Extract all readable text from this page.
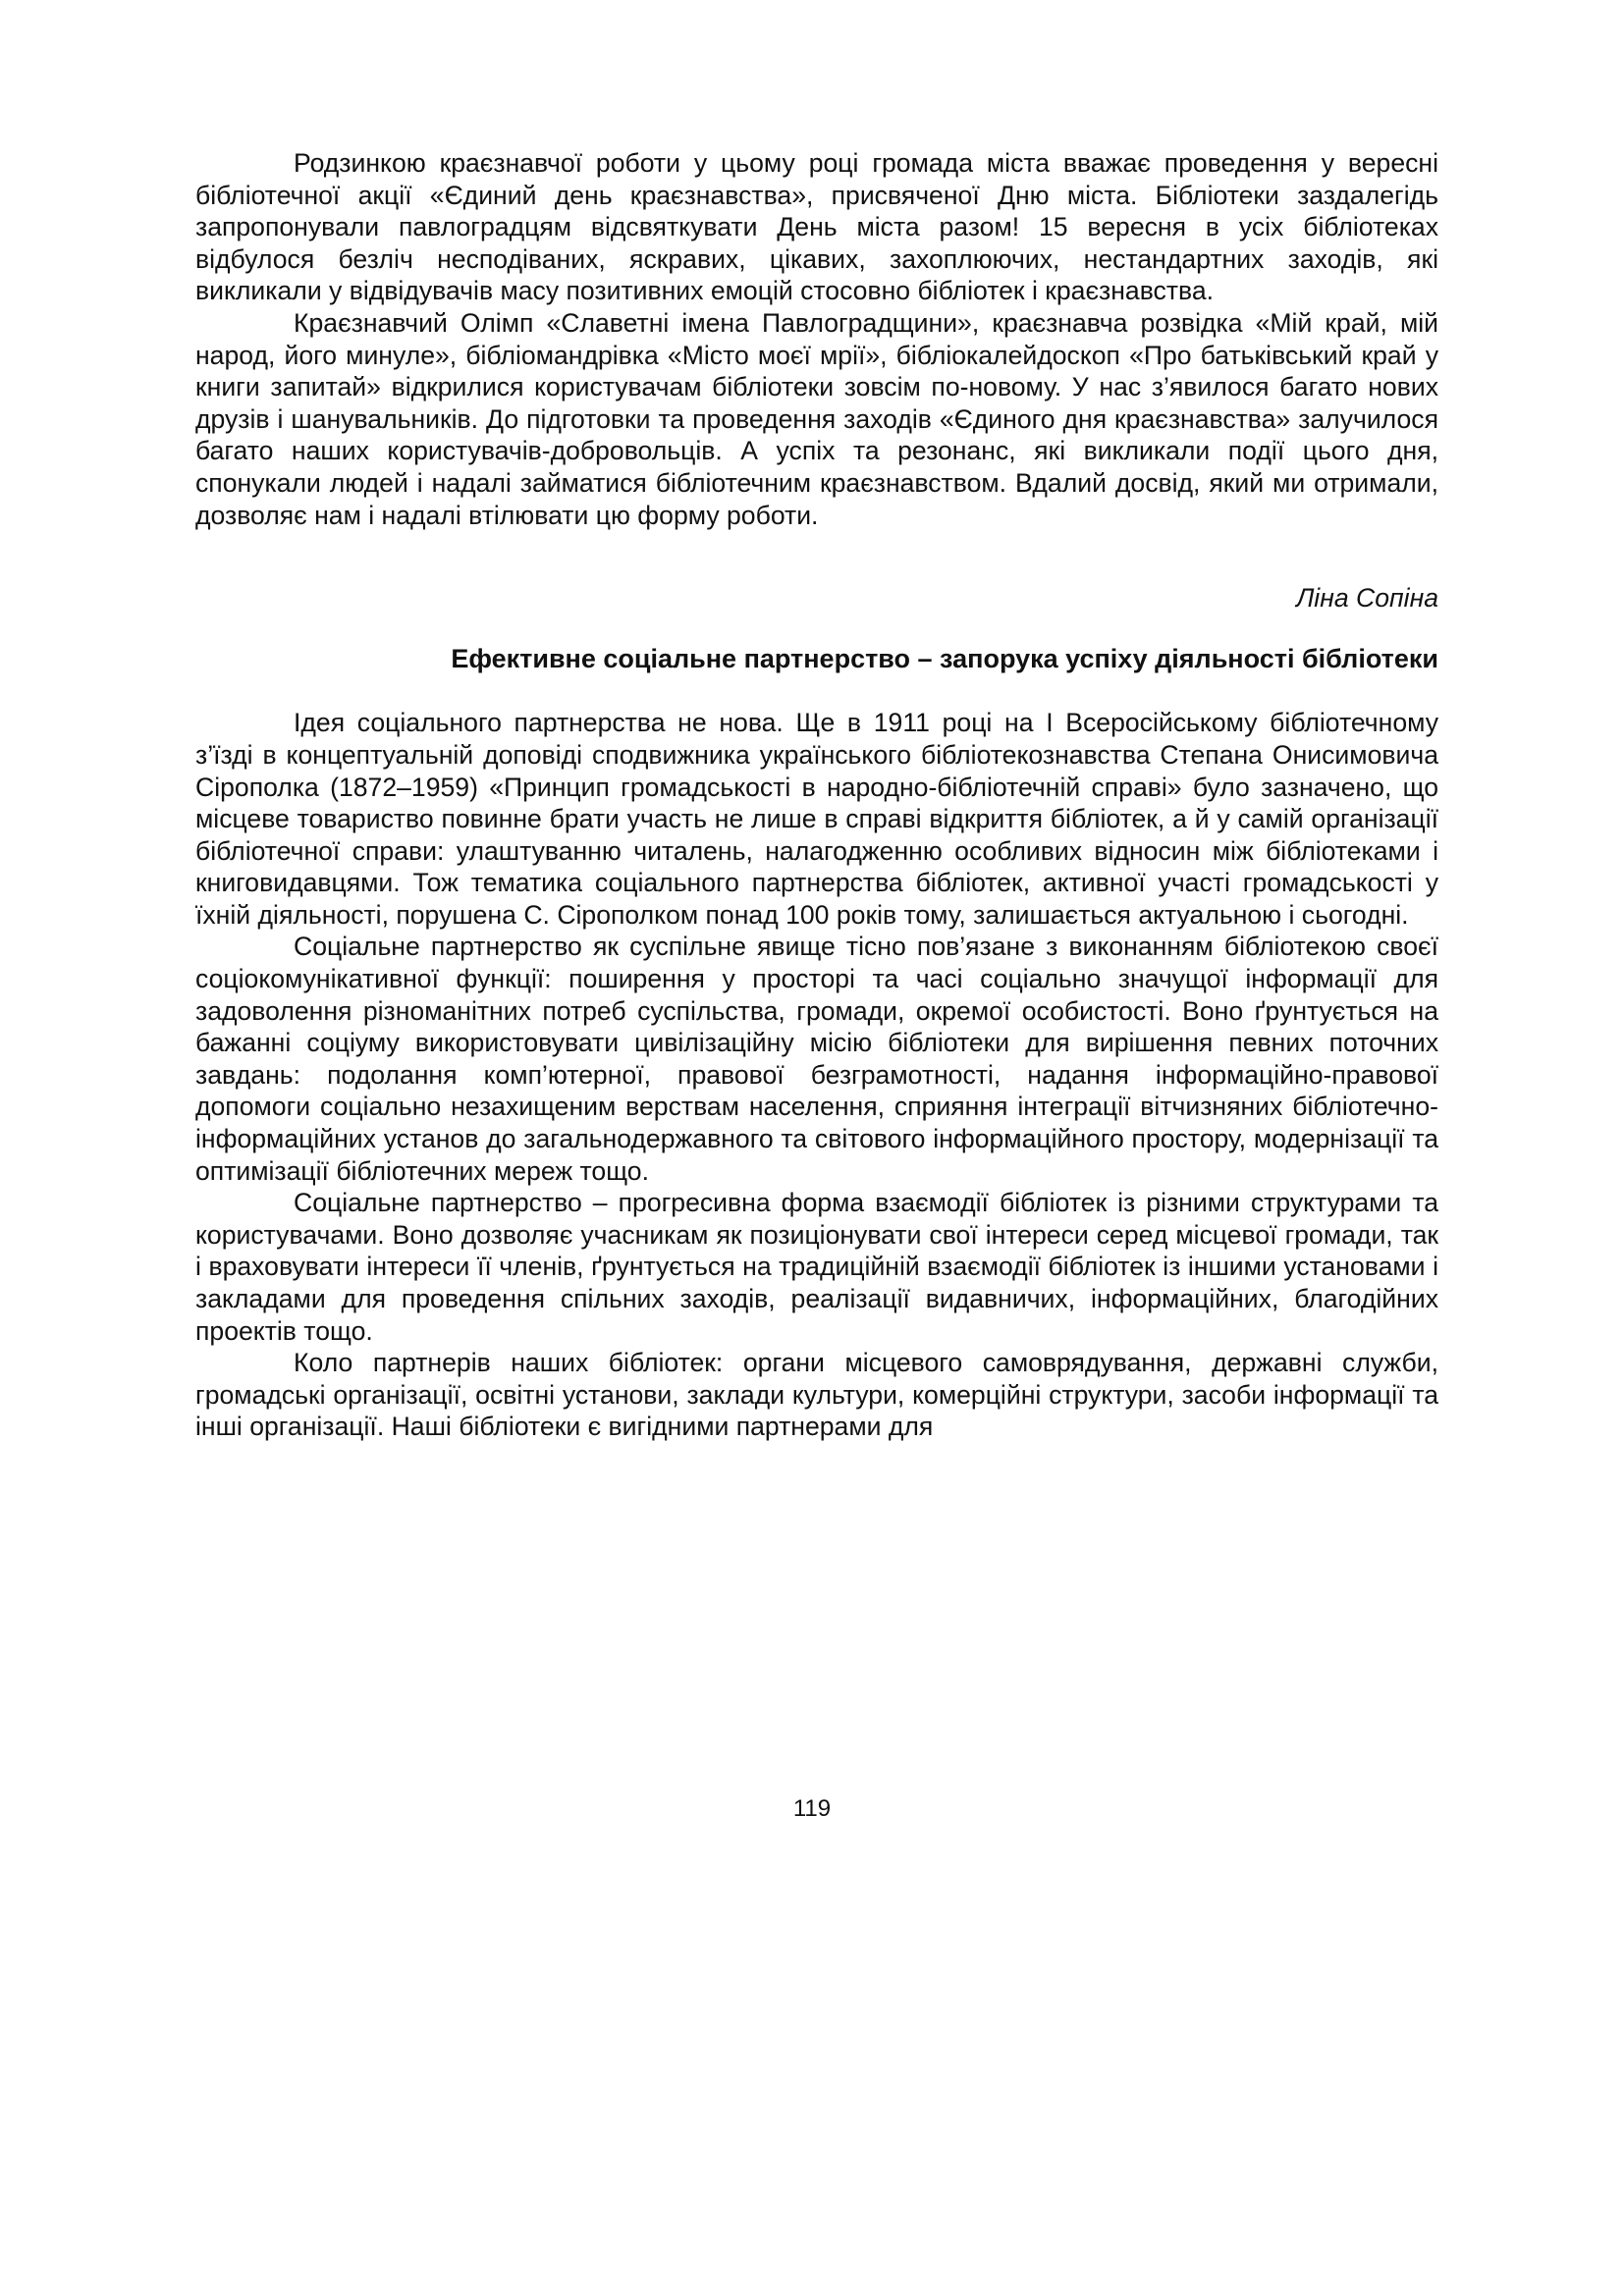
Родзинкою краєзнавчої роботи у цьому році громада міста вважає проведення у вересні бібліотечної акції «Єдиний день краєзнавства», присвяченої Дню міста. Бібліотеки заздалегідь запропонували павлоградцям відсвяткувати День міста разом! 15 вересня в усіх бібліотеках відбулося безліч несподіваних, яскравих, цікавих, захоплюючих, нестандартних заходів, які викликали у відвідувачів масу позитивних емоцій стосовно бібліотек і краєзнавства.

Краєзнавчий Олімп «Славетні імена Павлоградщини», краєзнавча розвідка «Мій край, мій народ, його минуле», бібліомандрівка «Місто моєї мрії», бібліокалейдоскоп «Про батьківський край у книги запитай» відкрилися користувачам бібліотеки зовсім по-новому. У нас з’явилося багато нових друзів і шанувальників. До підготовки та проведення заходів «Єдиного дня краєзнавства» залучилося багато наших користувачів-добровольців. А успіх та резонанс, які викликали події цього дня, спонукали людей і надалі займатися бібліотечним краєзнавством. Вдалий досвід, який ми отримали, дозволяє нам і надалі втілювати цю форму роботи.

Ліна Сопіна

Ефективне соціальне партнерство – запорука успіху діяльності бібліотеки

Ідея соціального партнерства не нова. Ще в 1911 році на I Всеросійському бібліотечному з’їзді в концептуальній доповіді сподвижника українського бібліотекознавства Степана Онисимовича Сірополка (1872–1959) «Принцип громадськості в народно-бібліотечній справі» було зазначено, що місцеве товариство повинне брати участь не лише в справі відкриття бібліотек, а й у самій організації бібліотечної справи: улаштуванню читалень, налагодженню особливих відносин між бібліотеками і книговидавцями. Тож тематика соціального партнерства бібліотек, активної участі громадськості у їхній діяльності, порушена С. Сірополком понад 100 років тому, залишається актуальною і сьогодні.

Соціальне партнерство як суспільне явище тісно пов’язане з виконанням бібліотекою своєї соціокомунікативної функції: поширення у просторі та часі соціально значущої інформації для задоволення різноманітних потреб суспільства, громади, окремої особистості. Воно ґрунтується на бажанні соціуму використовувати цивілізаційну місію бібліотеки для вирішення певних поточних завдань: подолання комп’ютерної, правової безграмотності, надання інформаційно-правової допомоги соціально незахищеним верствам населення, сприяння інтеграції вітчизняних бібліотечно-інформаційних установ до загальнодержавного та світового інформаційного простору, модернізації та оптимізації бібліотечних мереж тощо.

Соціальне партнерство – прогресивна форма взаємодії бібліотек із різними структурами та користувачами. Воно дозволяє учасникам як позиціонувати свої інтереси серед місцевої громади, так і враховувати інтереси її членів, ґрунтується на традиційній взаємодії бібліотек із іншими установами і закладами для проведення спільних заходів, реалізації видавничих, інформаційних, благодійних проектів тощо.

Коло партнерів наших бібліотек: органи місцевого самоврядування, державні служби, громадські організації, освітні установи, заклади культури, комерційні структури, засоби інформації та інші організації. Наші бібліотеки є вигідними партнерами для

119
